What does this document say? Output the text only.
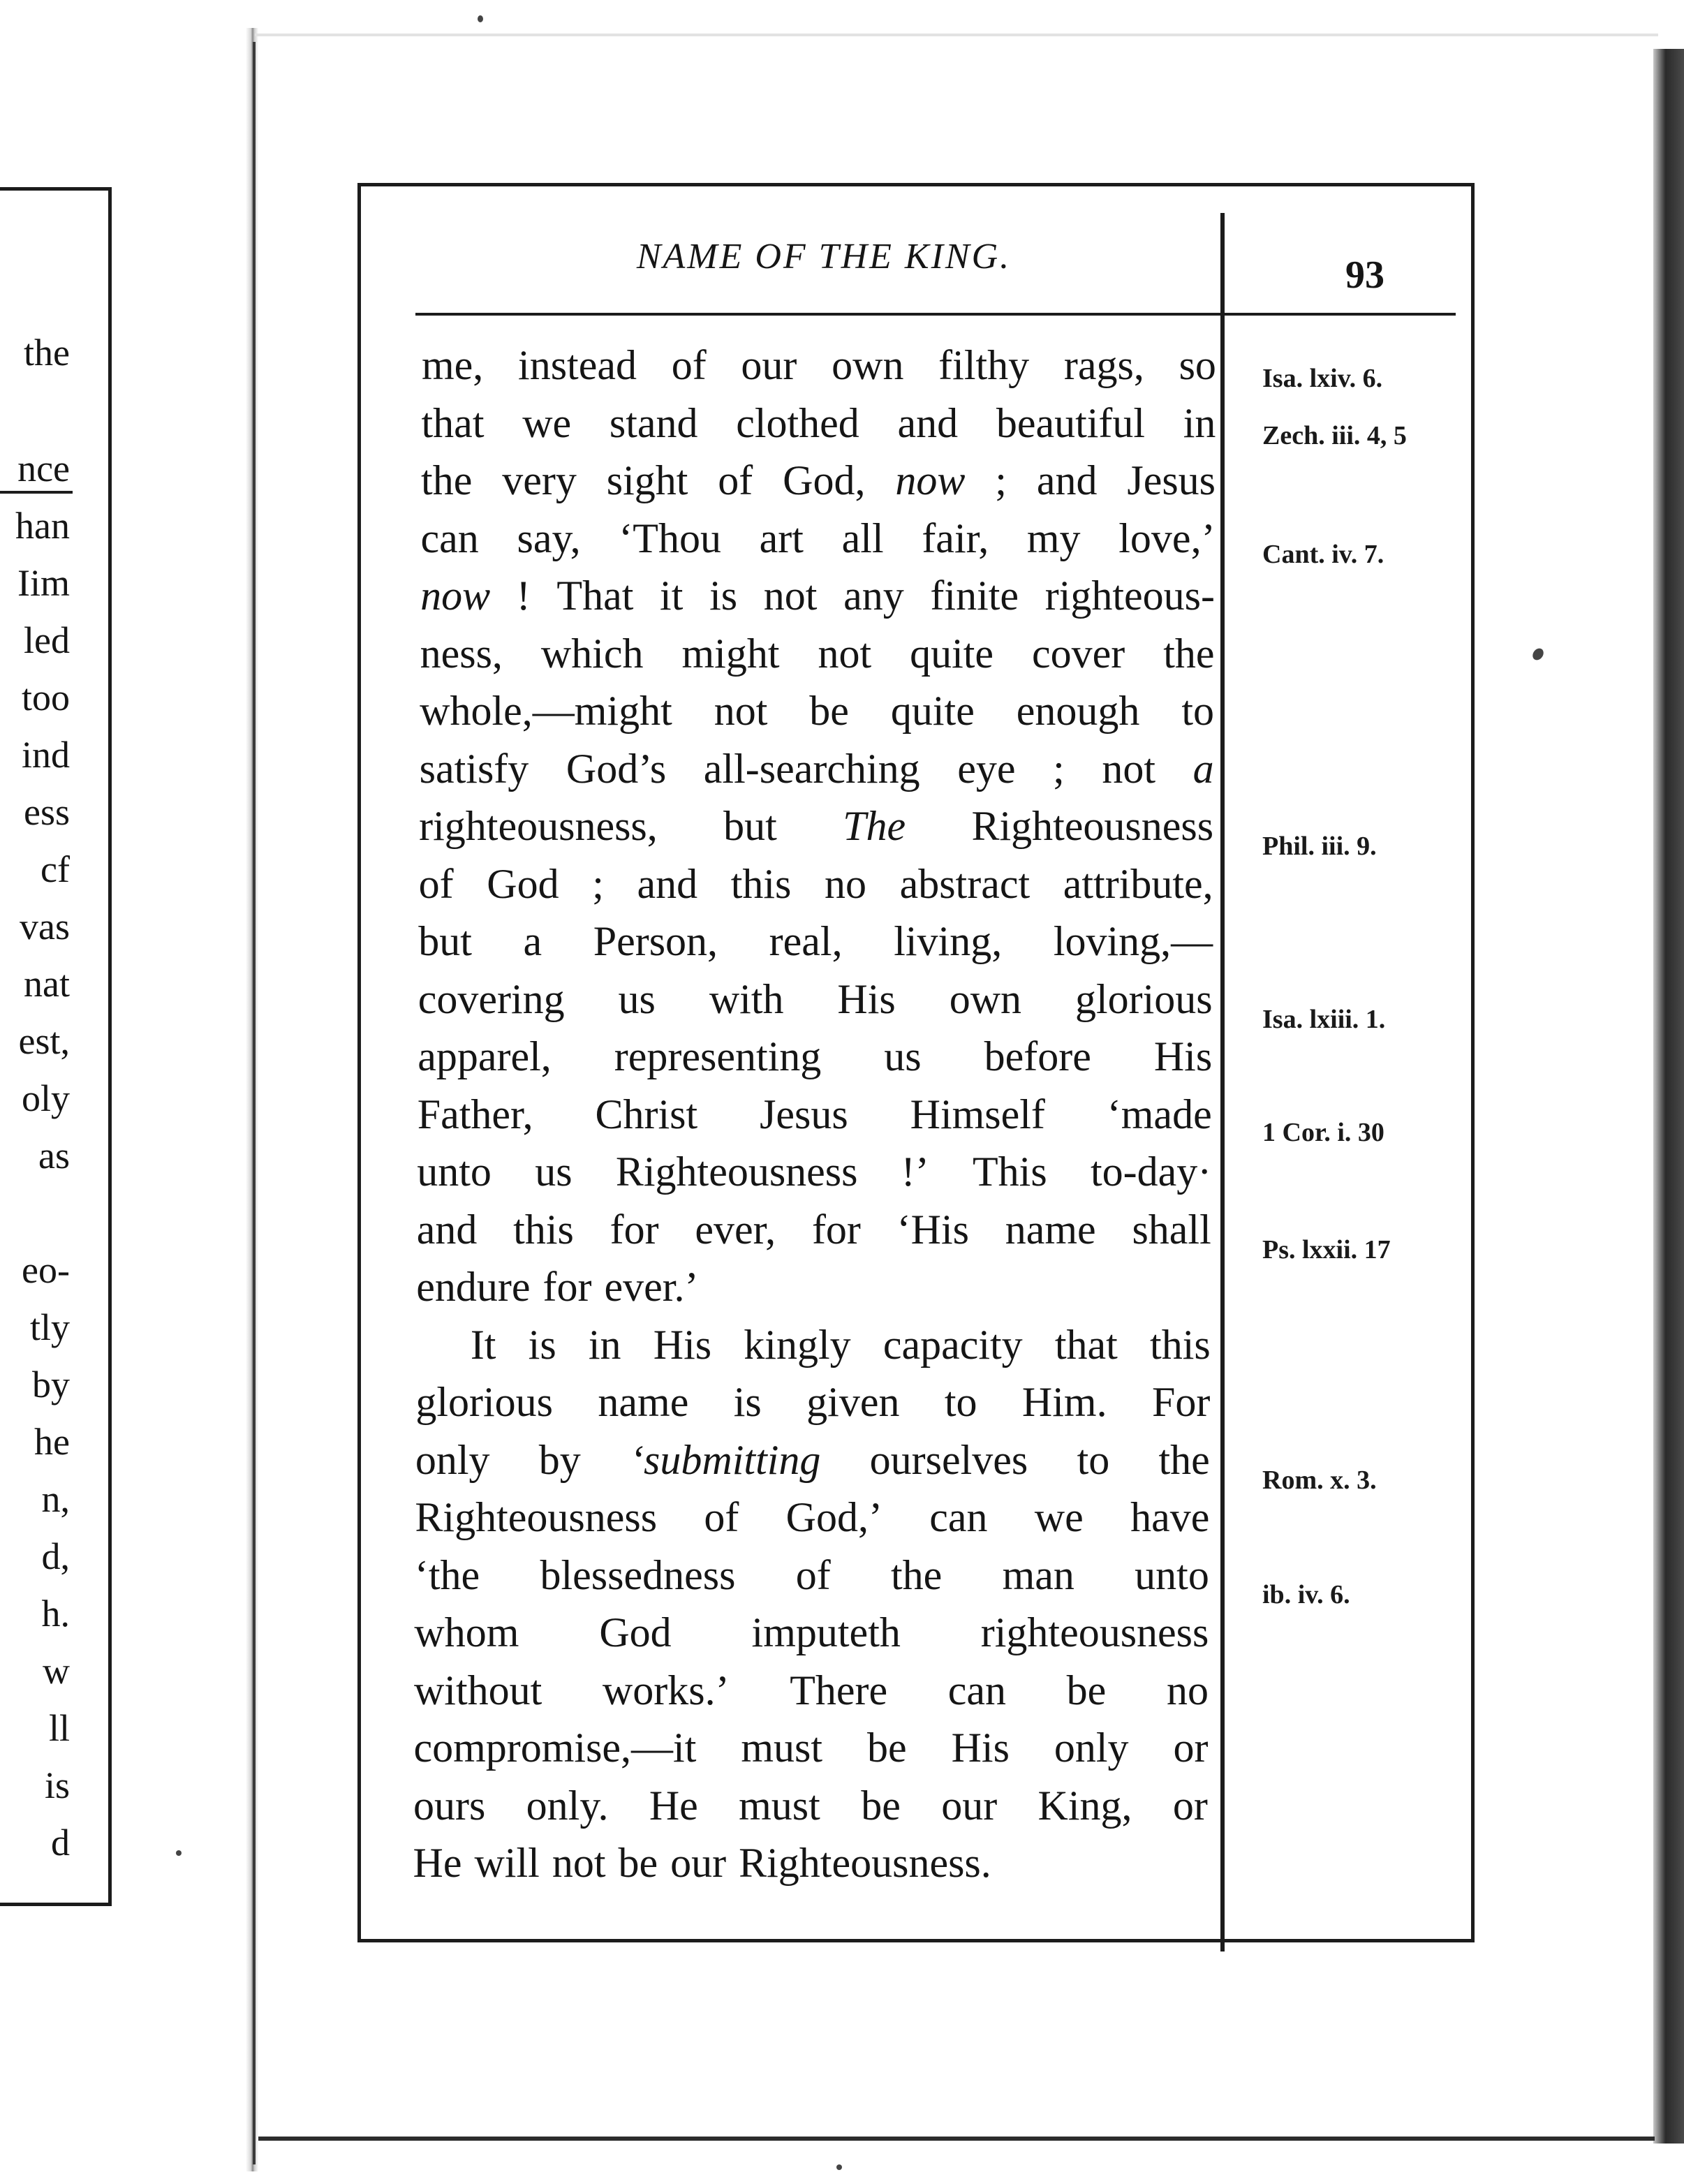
the
nce
han
Iim
led
too
ind
ess
cf
vas
nat
est,
oly
as
eo-
tly
by
he
n,
d,
h.
w
ll
is
d
NAME OF THE KING.	93
me, instead of our own filthy rags, so
that we stand clothed and beautiful in
the very sight of God, now ; and Jesus
can say, ‘Thou art all fair, my love,’
now ! That it is not any finite righteous-
ness, which might not quite cover the
whole,—might not be quite enough to
satisfy God’s all-searching eye ; not a
righteousness, but The Righteousness
of God ; and this no abstract attribute,
but a Person, real, living, loving,—
covering us with His own glorious
apparel, representing us before His
Father, Christ Jesus Himself ‘made
unto us Righteousness !’ This to-day·
and this for ever, for ‘His name shall
endure for ever.’
It is in His kingly capacity that this
glorious name is given to Him. For
only by ‘submitting ourselves to the
Righteousness of God,’ can we have
‘the blessedness of the man unto
whom God imputeth righteousness
without works.’ There can be no
compromise,—it must be His only or
ours only. He must be our King, or
He will not be our Righteousness.
Isa. lxiv. 6.
Zech. iii. 4, 5
Cant. iv. 7.
Phil. iii. 9.
Isa. lxiii. 1.
1 Cor. i. 30
Ps. lxxii. 17
Rom. x. 3.
ib. iv. 6.
